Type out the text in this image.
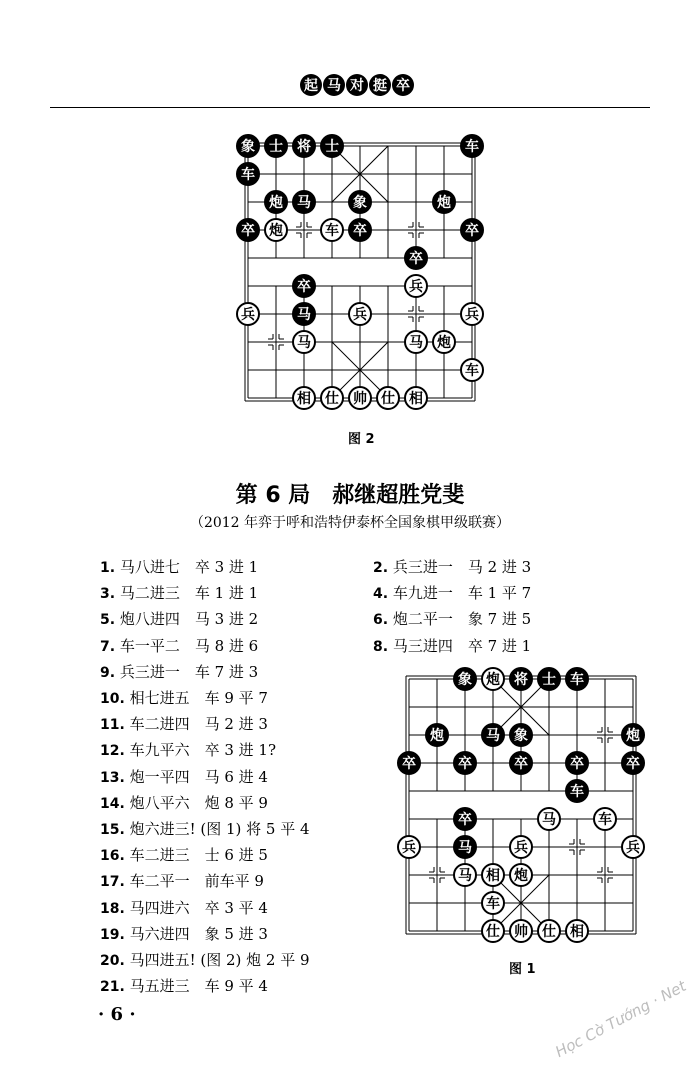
起 马 对 挺 卒
象	士	将	士	车
车
炮	马	象	炮
卒	炮	车	卒	卒
卒
卒	兵
兵	马	兵	兵
马	马	炮
车
相	仕	帅	仕	相
图 2
第 6 局　郝继超胜党斐
（2012 年弈于呼和浩特伊泰杯全国象棋甲级联赛）
1. 马八进七　卒 3 进 1
3. 马二进三　车 1 进 1
5. 炮八进四　马 3 进 2
7. 车一平二　马 8 进 6
9. 兵三进一　车 7 进 3
10. 相七进五　车 9 平 7
11. 车二进四　马 2 进 3
12. 车九平六　卒 3 进 1?
13. 炮一平四　马 6 进 4
14. 炮八平六　炮 8 平 9
15. 炮六进三! (图 1) 将 5 平 4
16. 车二进三　士 6 进 5
17. 车二平一　前车平 9
18. 马四进六　卒 3 平 4
19. 马六进四　象 5 进 3
20. 马四进五! (图 2) 炮 2 平 9
21. 马五进三　车 9 平 4
2. 兵三进一　马 2 进 3
4. 车九进一　车 1 平 7
6. 炮二平一　象 7 进 5
8. 马三进四　卒 7 进 1
象	炮	将	士	车
炮	马	象	炮
卒	卒	卒	卒	卒
车
卒	马	车
兵	马	兵	兵
马	相	炮
车
仕	帅	仕	相
图 1
· 6 ·	Học Cờ Tướng · Net
